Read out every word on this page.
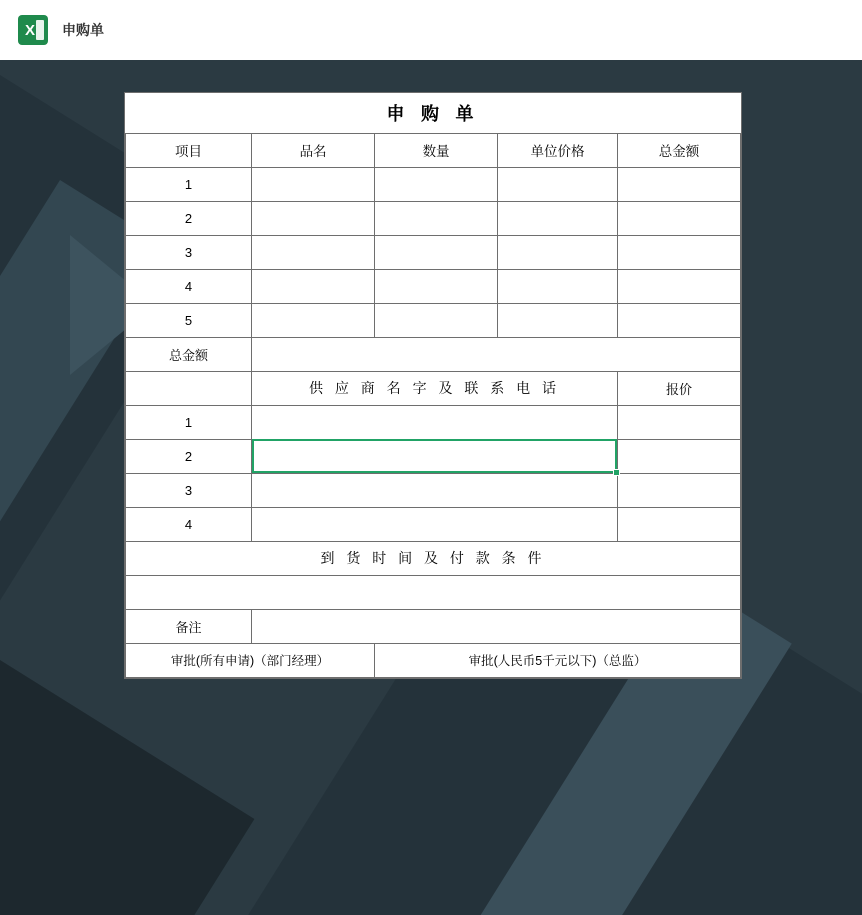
X 申购单
申 购 单				
项目	品名	数量	单位价格	总金额
1				
2				
3				
4				
5				
总金额				
	供 应 商 名 字 及 联 系 电 话			报价
1				
2				
3				
4				
到 货 时 间 及 付 款 条 件				

备注				
审批(所有申请)（部门经理）		审批(人民币5千元以下)（总监）		
